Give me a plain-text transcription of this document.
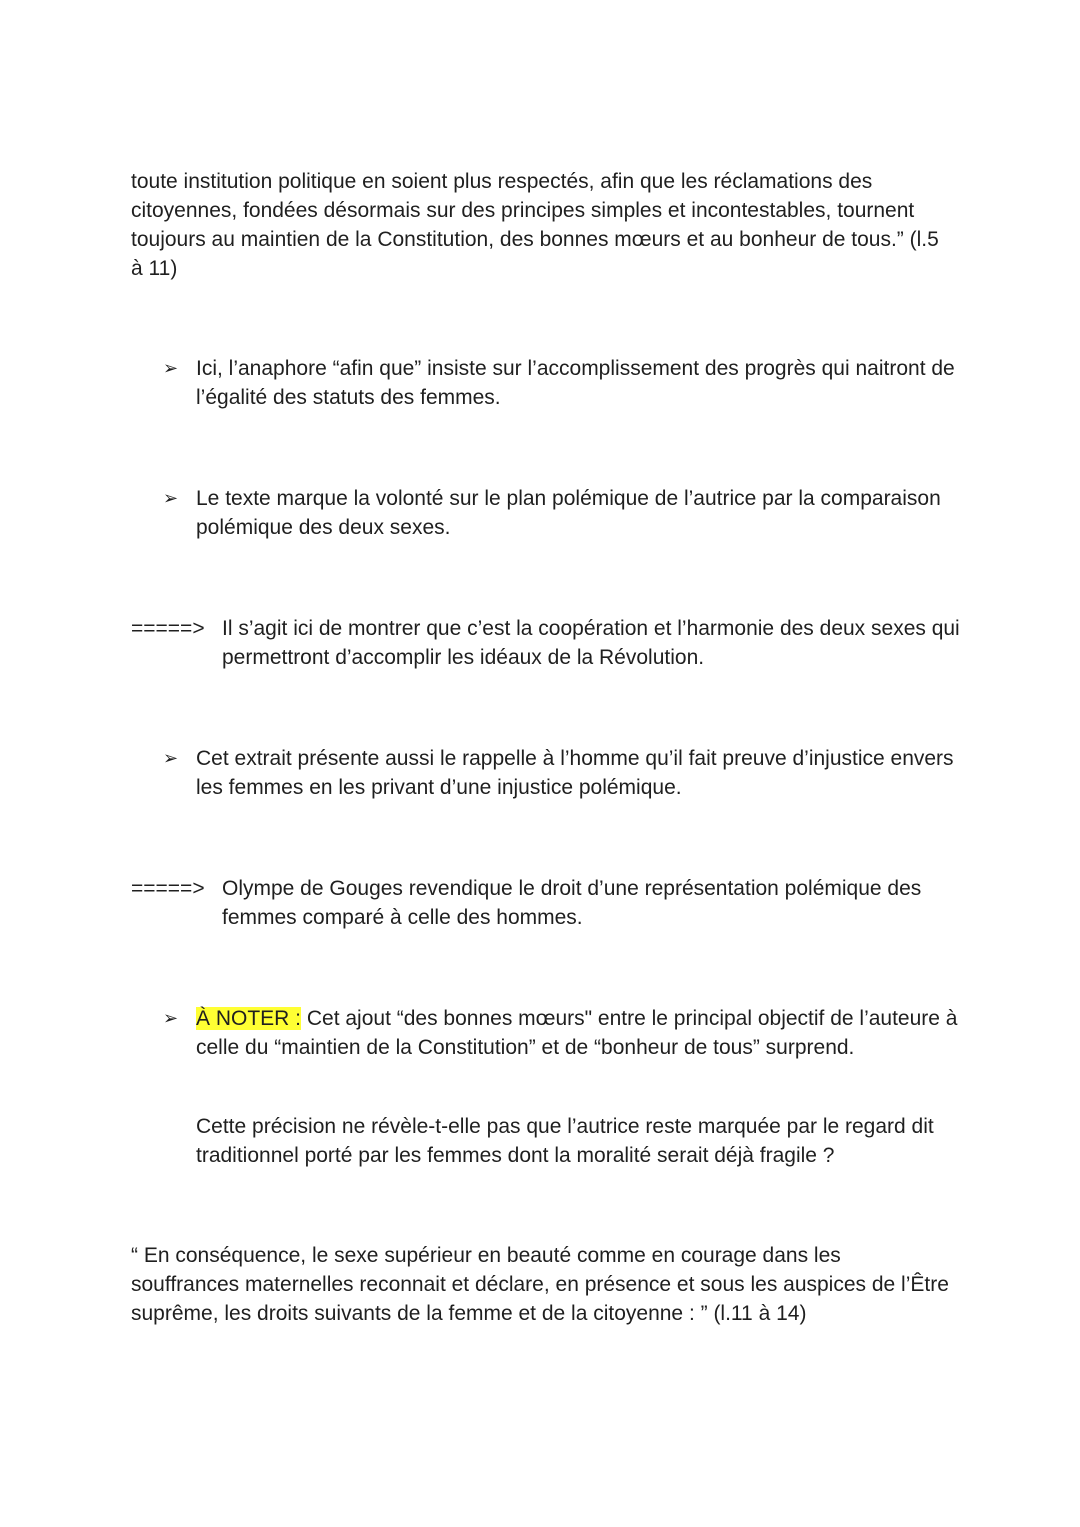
toute institution politique en soient plus respectés, afin que les réclamations des citoyennes, fondées désormais sur des principes simples et incontestables, tournent toujours au maintien de la Constitution, des bonnes mœurs et au bonheur de tous.” (l.5 à 11)

➢ Ici, l’anaphore “afin que” insiste sur l’accomplissement des progrès qui naitront de l’égalité des statuts des femmes.
➢ Le texte marque la volonté sur le plan polémique de l’autrice par la comparaison polémique des deux sexes.
=====> Il s’agit ici de montrer que c’est la coopération et l’harmonie des deux sexes qui permettront d’accomplir les idéaux de la Révolution.
➢ Cet extrait présente aussi le rappelle à l’homme qu’il fait preuve d’injustice envers les femmes en les privant d’une injustice polémique.
=====> Olympe de Gouges revendique le droit d’une représentation polémique des femmes comparé à celle des hommes.
➢ À NOTER : Cet ajout “des bonnes mœurs" entre le principal objectif de l’auteure à celle du “maintien de la Constitution” et de “bonheur de tous” surprend.

Cette précision ne révèle-t-elle pas que l’autrice reste marquée par le regard dit traditionnel porté par les femmes dont la moralité serait déjà fragile ?

“ En conséquence, le sexe supérieur en beauté comme en courage dans les souffrances maternelles reconnait et déclare, en présence et sous les auspices de l’Être suprême, les droits suivants de la femme et de la citoyenne : ” (l.11 à 14)
